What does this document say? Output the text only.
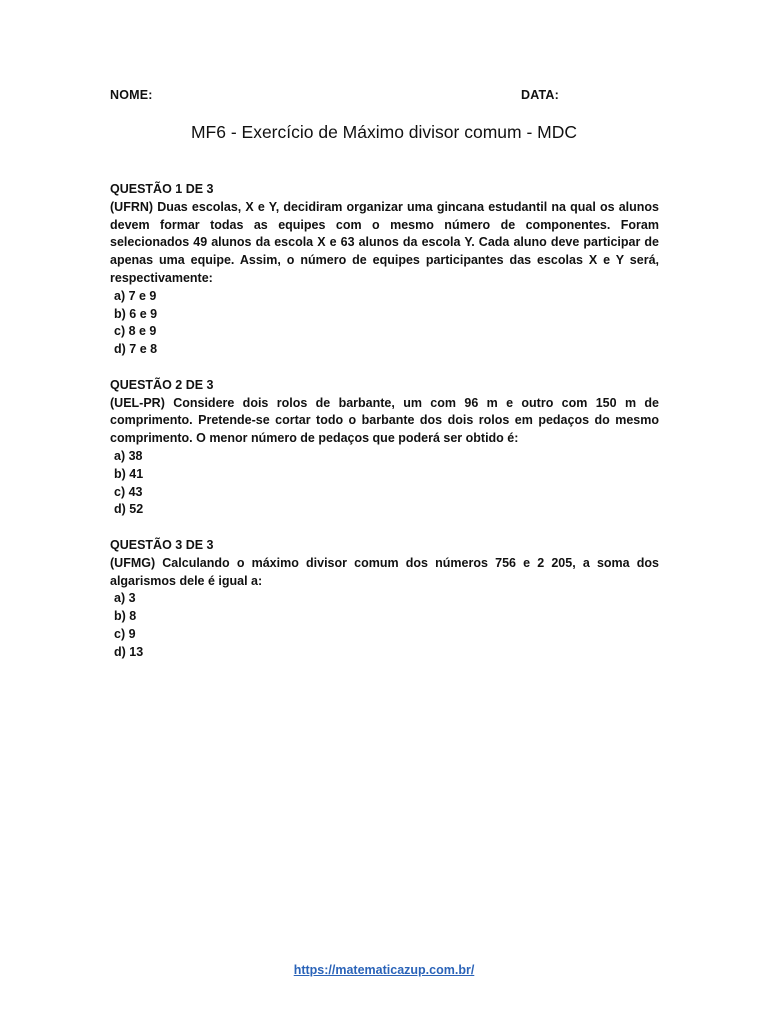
NOME:	DATA:
MF6 - Exercício de Máximo divisor comum - MDC

QUESTÃO 1 DE 3

(UFRN) Duas escolas, X e Y, decidiram organizar uma gincana estudantil na qual os alunos devem formar todas as equipes com o mesmo número de componentes. Foram selecionados 49 alunos da escola X e 63 alunos da escola Y. Cada aluno deve participar de apenas uma equipe. Assim, o número de equipes participantes das escolas X e Y será, respectivamente:

a) 7 e 9
b) 6 e 9
c) 8 e 9
d) 7 e 8

QUESTÃO 2 DE 3

(UEL-PR) Considere dois rolos de barbante, um com 96 m e outro com 150 m de comprimento. Pretende-se cortar todo o barbante dos dois rolos em pedaços do mesmo comprimento. O menor número de pedaços que poderá ser obtido é:

a) 38
b) 41
c) 43
d) 52

QUESTÃO 3 DE 3

(UFMG) Calculando o máximo divisor comum dos números 756 e 2 205, a soma dos algarismos dele é igual a:

a) 3
b) 8
c) 9
d) 13
https://matematicazup.com.br/
